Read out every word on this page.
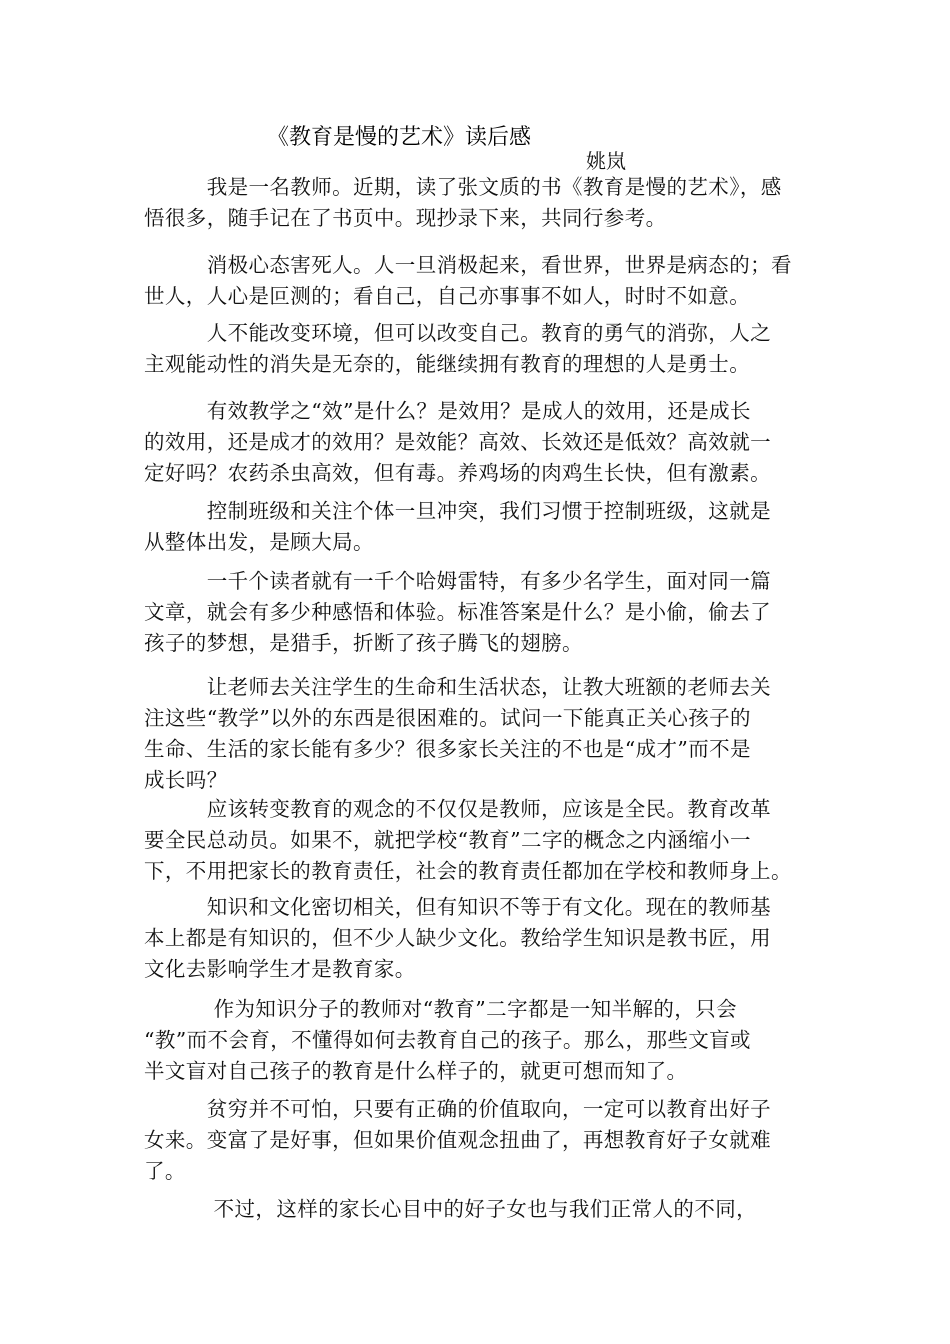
《教育是慢的艺术》读后感
姚岚
　　　我是一名教师。近期，读了张文质的书《教育是慢的艺术》，感
悟很多，随手记在了书页中。现抄录下来，共同行参考。
　　　消极心态害死人。人一旦消极起来，看世界，世界是病态的；看
世人，人心是叵测的；看自己，自己亦事事不如人，时时不如意。
　　　人不能改变环境，但可以改变自己。教育的勇气的消弥，人之
主观能动性的消失是无奈的，能继续拥有教育的理想的人是勇士。
　　　有效教学之“效”是什么？是效用？是成人的效用，还是成长
的效用，还是成才的效用？是效能？高效、长效还是低效？高效就一
定好吗？农药杀虫高效，但有毒。养鸡场的肉鸡生长快，但有激素。
　　　控制班级和关注个体一旦冲突，我们习惯于控制班级，这就是
从整体出发，是顾大局。
　　　一千个读者就有一千个哈姆雷特，有多少名学生，面对同一篇
文章，就会有多少种感悟和体验。标准答案是什么？是小偷，偷去了
孩子的梦想，是猎手，折断了孩子腾飞的翅膀。
　　　让老师去关注学生的生命和生活状态，让教大班额的老师去关
注这些“教学”以外的东西是很困难的。试问一下能真正关心孩子的
生命、生活的家长能有多少？很多家长关注的不也是“成才”而不是
成长吗？
　　　应该转变教育的观念的不仅仅是教师，应该是全民。教育改革
要全民总动员。如果不，就把学校“教育”二字的概念之内涵缩小一
下，不用把家长的教育责任，社会的教育责任都加在学校和教师身上。
　　　知识和文化密切相关，但有知识不等于有文化。现在的教师基
本上都是有知识的，但不少人缺少文化。教给学生知识是教书匠，用
文化去影响学生才是教育家。
　　　 作为知识分子的教师对“教育”二字都是一知半解的，只会
“教”而不会育，不懂得如何去教育自己的孩子。那么，那些文盲或
半文盲对自己孩子的教育是什么样子的，就更可想而知了。
　　　贫穷并不可怕，只要有正确的价值取向，一定可以教育出好子
女来。变富了是好事，但如果价值观念扭曲了，再想教育好子女就难
了。
　　　 不过，这样的家长心目中的好子女也与我们正常人的不同，
